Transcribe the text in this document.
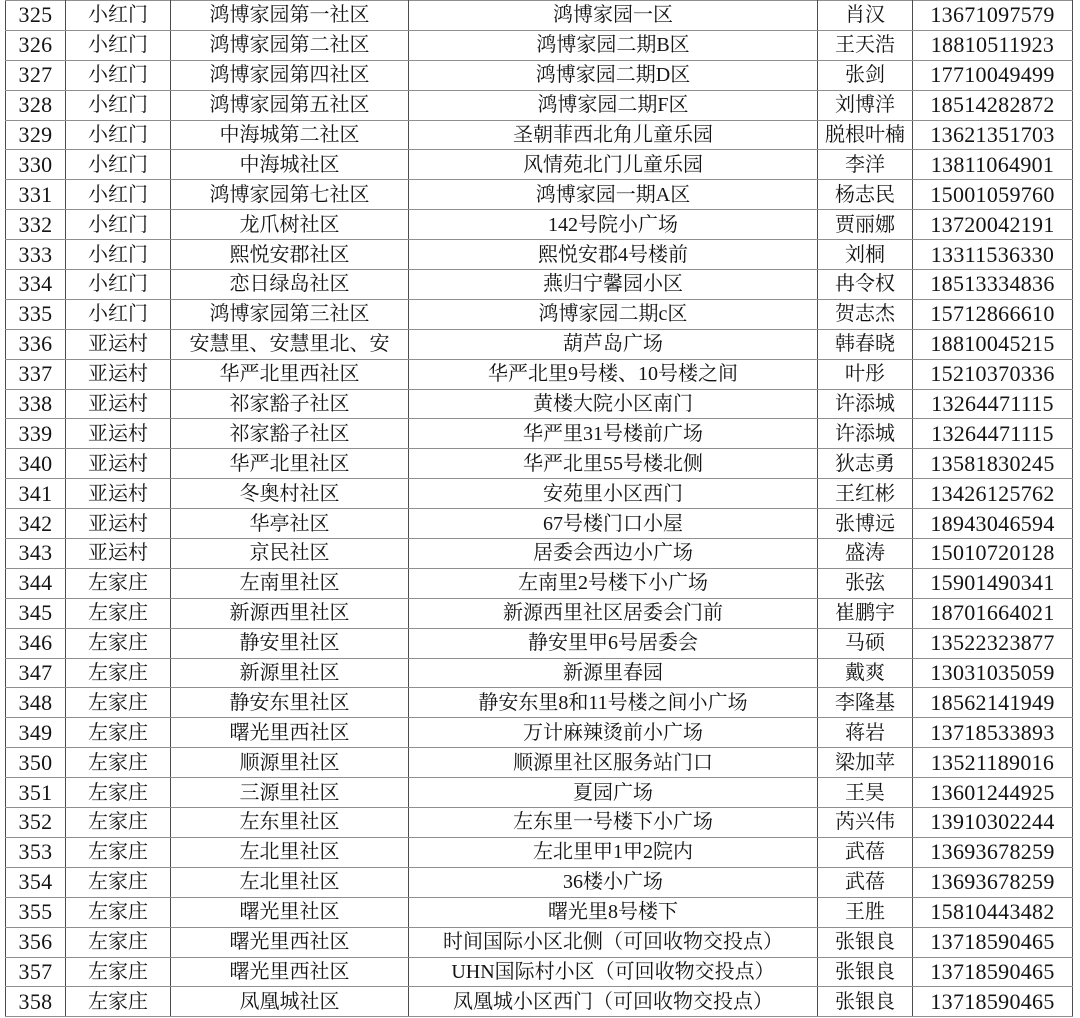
325	小红门	鸿博家园第一社区	鸿博家园一区	肖汉	13671097579
326	小红门	鸿博家园第二社区	鸿博家园二期B区	王天浩	18810511923
327	小红门	鸿博家园第四社区	鸿博家园二期D区	张剑	17710049499
328	小红门	鸿博家园第五社区	鸿博家园二期F区	刘博洋	18514282872
329	小红门	中海城第二社区	圣朝菲西北角儿童乐园	脱根叶楠	13621351703
330	小红门	中海城社区	风情苑北门儿童乐园	李洋	13811064901
331	小红门	鸿博家园第七社区	鸿博家园一期A区	杨志民	15001059760
332	小红门	龙爪树社区	142号院小广场	贾丽娜	13720042191
333	小红门	熙悦安郡社区	熙悦安郡4号楼前	刘桐	13311536330
334	小红门	恋日绿岛社区	燕归宁馨园小区	冉令权	18513334836
335	小红门	鸿博家园第三社区	鸿博家园二期c区	贺志杰	15712866610
336	亚运村	安慧里、安慧里北、安	葫芦岛广场	韩春晓	18810045215
337	亚运村	华严北里西社区	华严北里9号楼、10号楼之间	叶彤	15210370336
338	亚运村	祁家豁子社区	黄楼大院小区南门	许添城	13264471115
339	亚运村	祁家豁子社区	华严里31号楼前广场	许添城	13264471115
340	亚运村	华严北里社区	华严北里55号楼北侧	狄志勇	13581830245
341	亚运村	冬奥村社区	安苑里小区西门	王红彬	13426125762
342	亚运村	华亭社区	67号楼门口小屋	张博远	18943046594
343	亚运村	京民社区	居委会西边小广场	盛涛	15010720128
344	左家庄	左南里社区	左南里2号楼下小广场	张弦	15901490341
345	左家庄	新源西里社区	新源西里社区居委会门前	崔鹏宇	18701664021
346	左家庄	静安里社区	静安里甲6号居委会	马硕	13522323877
347	左家庄	新源里社区	新源里春园	戴爽	13031035059
348	左家庄	静安东里社区	静安东里8和11号楼之间小广场	李隆基	18562141949
349	左家庄	曙光里西社区	万计麻辣烫前小广场	蒋岩	13718533893
350	左家庄	顺源里社区	顺源里社区服务站门口	梁加苹	13521189016
351	左家庄	三源里社区	夏园广场	王昊	13601244925
352	左家庄	左东里社区	左东里一号楼下小广场	芮兴伟	13910302244
353	左家庄	左北里社区	左北里甲1甲2院内	武蓓	13693678259
354	左家庄	左北里社区	36楼小广场	武蓓	13693678259
355	左家庄	曙光里社区	曙光里8号楼下	王胜	15810443482
356	左家庄	曙光里西社区	时间国际小区北侧（可回收物交投点）	张银良	13718590465
357	左家庄	曙光里西社区	UHN国际村小区（可回收物交投点）	张银良	13718590465
358	左家庄	凤凰城社区	凤凰城小区西门（可回收物交投点）	张银良	13718590465
